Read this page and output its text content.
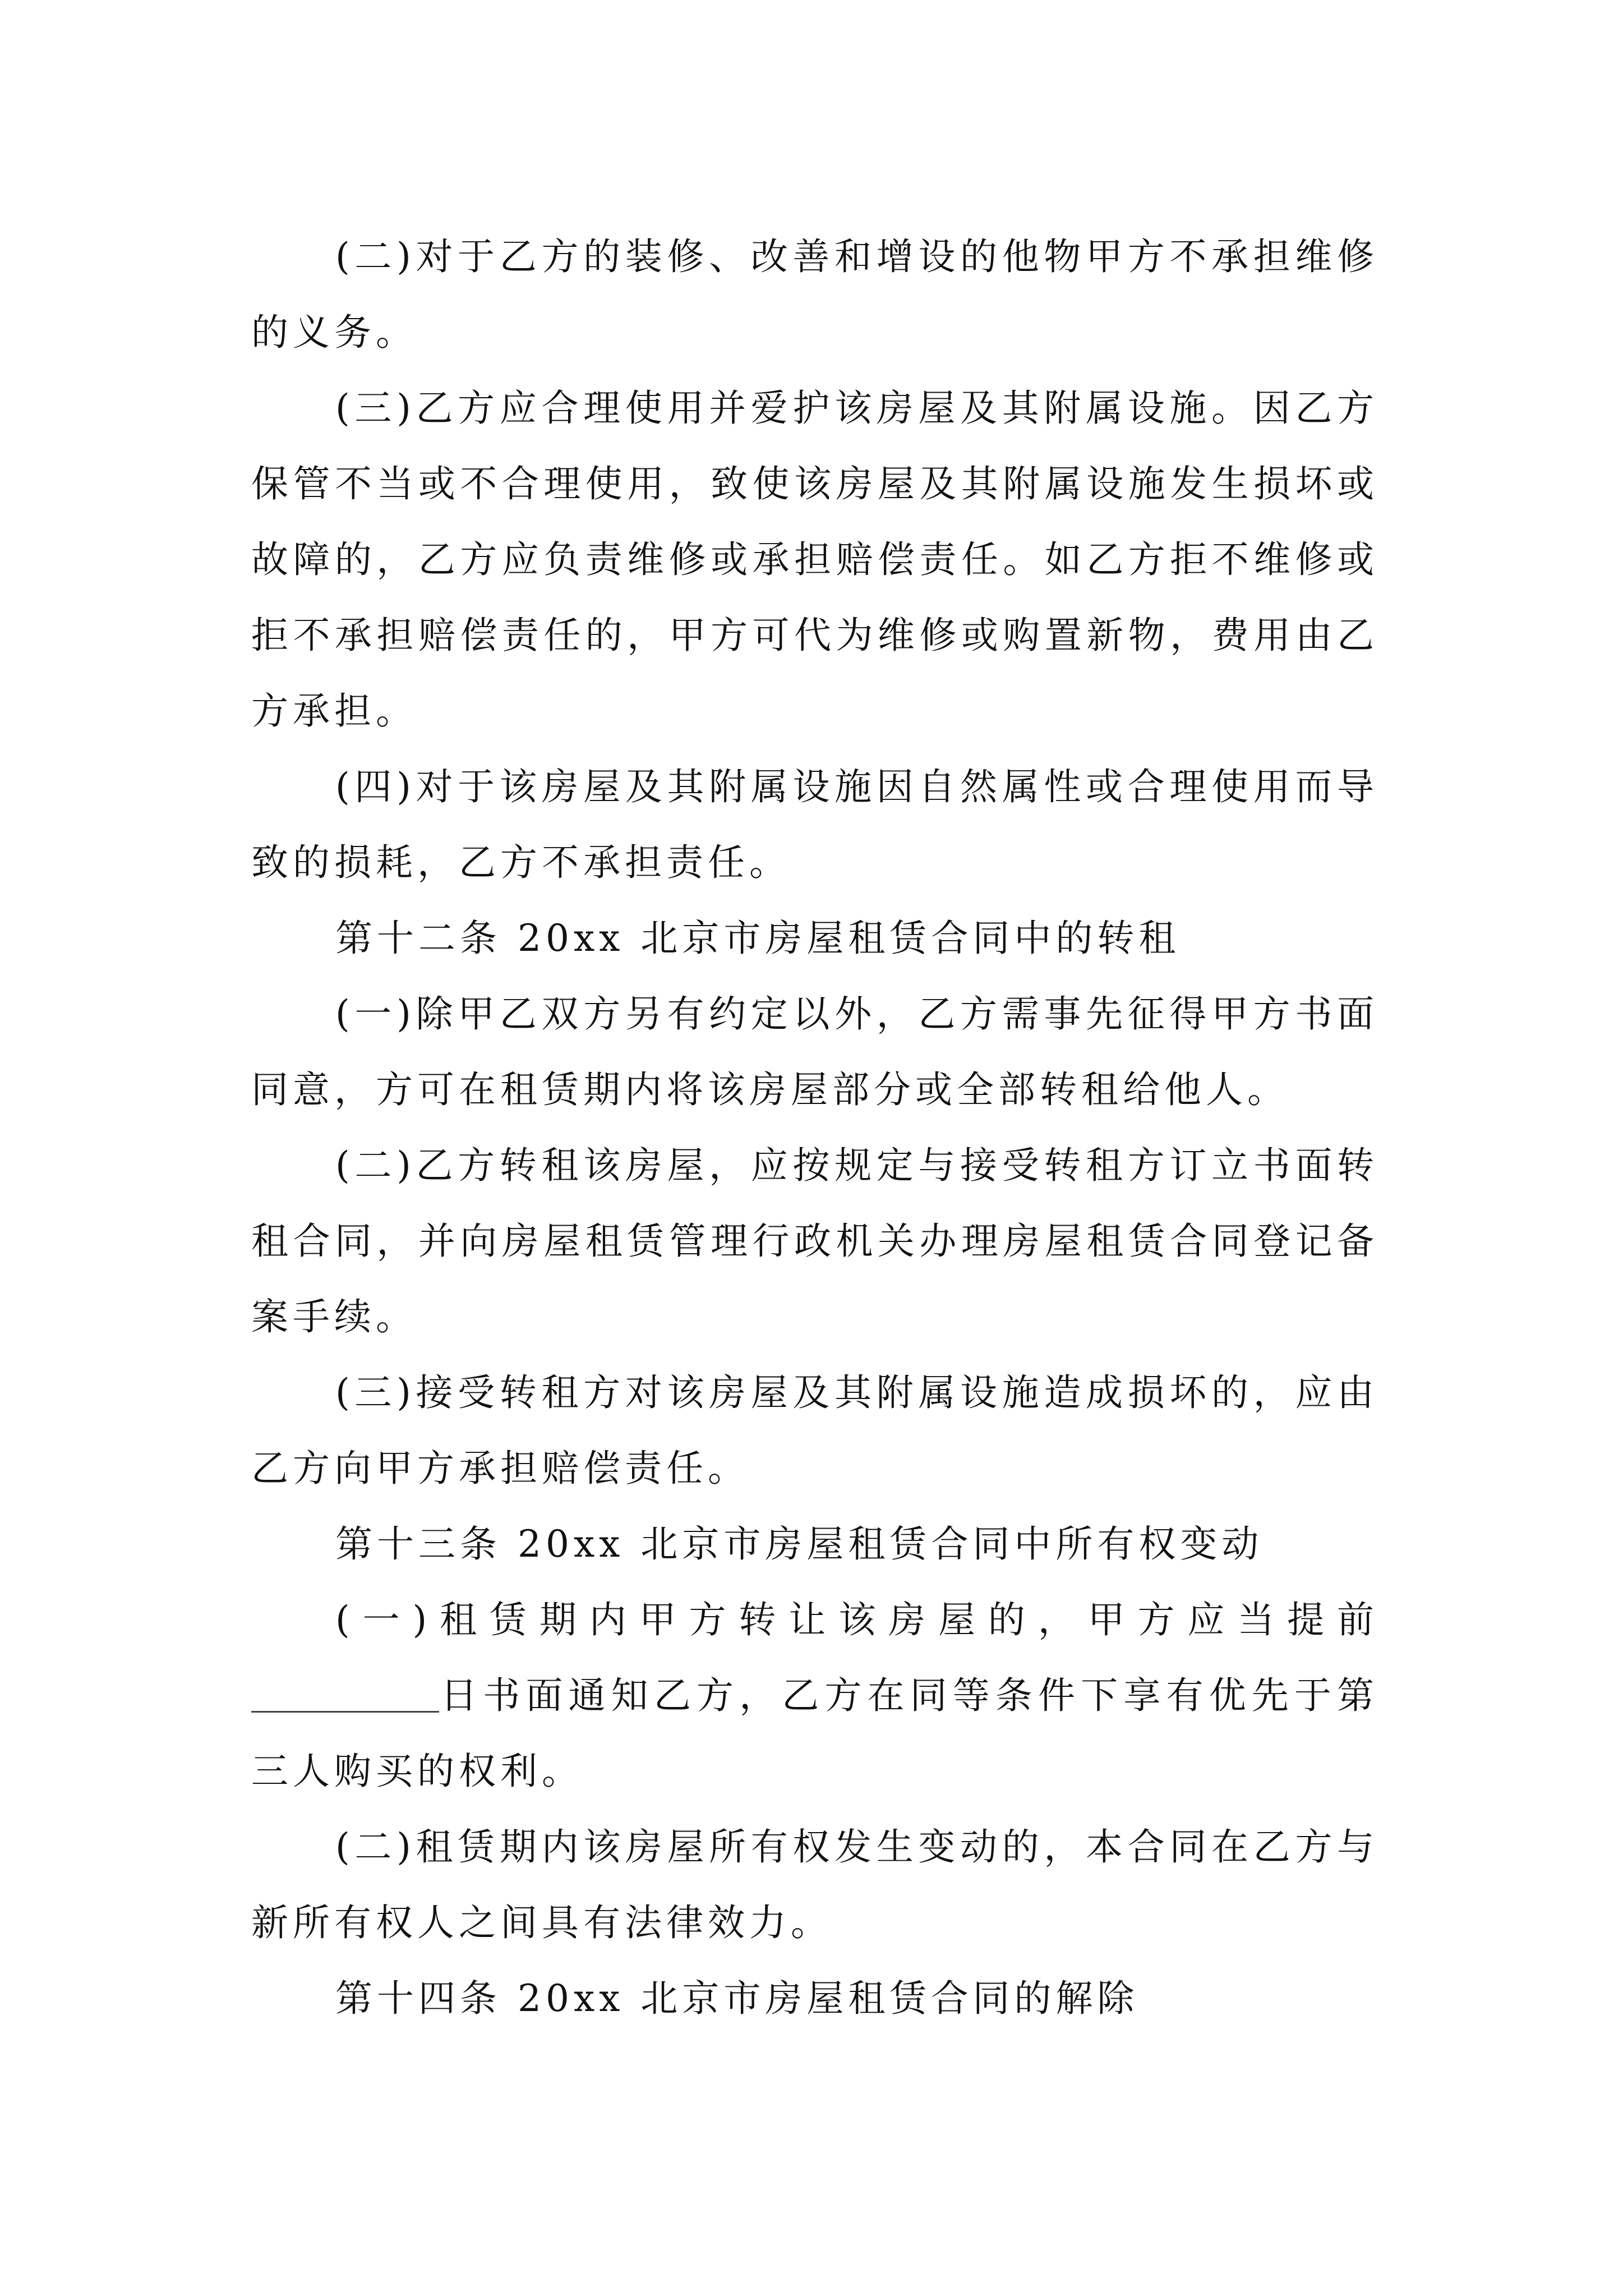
(二)对于乙方的装修、改善和增设的他物甲方不承担维修的义务。

(三)乙方应合理使用并爱护该房屋及其附属设施。因乙方保管不当或不合理使用，致使该房屋及其附属设施发生损坏或故障的，乙方应负责维修或承担赔偿责任。如乙方拒不维修或拒不承担赔偿责任的，甲方可代为维修或购置新物，费用由乙方承担。

(四)对于该房屋及其附属设施因自然属性或合理使用而导致的损耗，乙方不承担责任。

第十二条 20xx 北京市房屋租赁合同中的转租

(一)除甲乙双方另有约定以外，乙方需事先征得甲方书面同意，方可在租赁期内将该房屋部分或全部转租给他人。

(二)乙方转租该房屋，应按规定与接受转租方订立书面转租合同，并向房屋租赁管理行政机关办理房屋租赁合同登记备案手续。

(三)接受转租方对该房屋及其附属设施造成损坏的，应由乙方向甲方承担赔偿责任。

第十三条 20xx 北京市房屋租赁合同中所有权变动

(一)租赁期内甲方转让该房屋的，甲方应当提前日书面通知乙方，乙方在同等条件下享有优先于第三人购买的权利。

(二)租赁期内该房屋所有权发生变动的，本合同在乙方与新所有权人之间具有法律效力。

第十四条 20xx 北京市房屋租赁合同的解除
